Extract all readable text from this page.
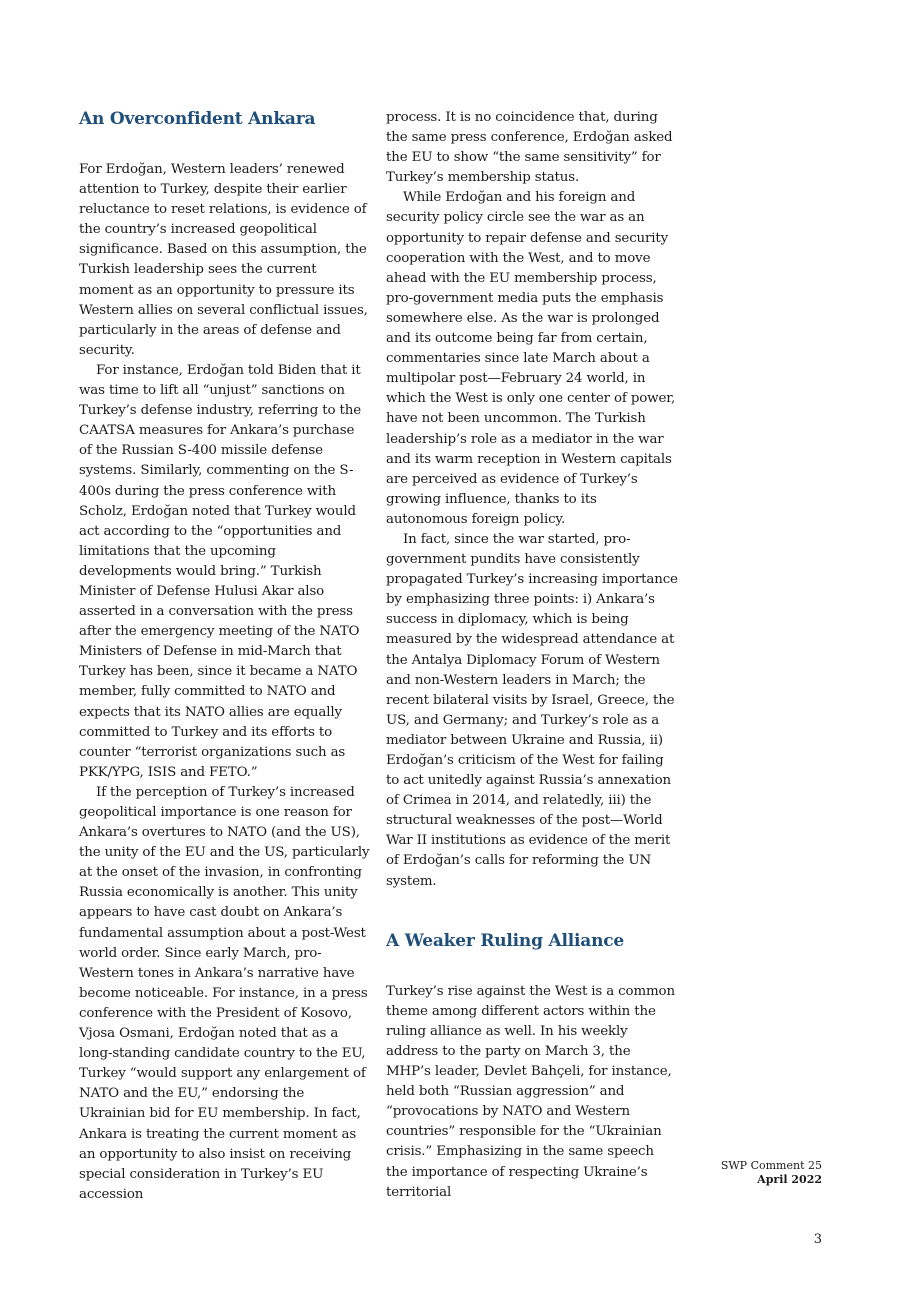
An Overconfident Ankara

For Erdoğan, Western leaders’ renewed attention to Turkey, despite their earlier reluctance to reset relations, is evidence of the country’s increased geopolitical significance. Based on this assumption, the Turkish leadership sees the current moment as an opportunity to pressure its Western allies on several conflictual issues, particularly in the areas of defense and security.

For instance, Erdoğan told Biden that it was time to lift all “unjust” sanctions on Turkey’s defense industry, referring to the CAATSA measures for Ankara’s purchase of the Russian S-400 missile defense systems. Similarly, commenting on the S-400s during the press conference with Scholz, Erdoğan noted that Turkey would act according to the “opportunities and limitations that the upcoming developments would bring.” Turkish Minister of Defense Hulusi Akar also asserted in a conversation with the press after the emergency meeting of the NATO Ministers of Defense in mid-March that Turkey has been, since it became a NATO member, fully committed to NATO and expects that its NATO allies are equally committed to Turkey and its efforts to counter “terrorist organizations such as PKK/YPG, ISIS and FETO.”

If the perception of Turkey’s increased geopolitical importance is one reason for Ankara’s overtures to NATO (and the US), the unity of the EU and the US, particularly at the onset of the invasion, in confronting Russia economically is another. This unity appears to have cast doubt on Ankara’s fundamental assumption about a post-West world order. Since early March, pro-Western tones in Ankara’s narrative have become noticeable. For instance, in a press conference with the President of Kosovo, Vjosa Osmani, Erdoğan noted that as a long-standing candidate country to the EU, Turkey “would support any enlargement of NATO and the EU,” endorsing the Ukrainian bid for EU membership. In fact, Ankara is treating the current moment as an opportunity to also insist on receiving special consideration in Turkey’s EU accession

process. It is no coincidence that, during the same press conference, Erdoğan asked the EU to show “the same sensitivity” for Turkey’s membership status.

While Erdoğan and his foreign and security policy circle see the war as an opportunity to repair defense and security cooperation with the West, and to move ahead with the EU membership process, pro-government media puts the emphasis somewhere else. As the war is prolonged and its outcome being far from certain, commentaries since late March about a multipolar post—February 24 world, in which the West is only one center of power, have not been uncommon. The Turkish leadership’s role as a mediator in the war and its warm reception in Western capitals are perceived as evidence of Turkey’s growing influence, thanks to its autonomous foreign policy.

In fact, since the war started, pro-government pundits have consistently propagated Turkey’s increasing importance by emphasizing three points: i) Ankara’s success in diplomacy, which is being measured by the widespread attendance at the Antalya Diplomacy Forum of Western and non-Western leaders in March; the recent bilateral visits by Israel, Greece, the US, and Germany; and Turkey’s role as a mediator between Ukraine and Russia, ii) Erdoğan’s criticism of the West for failing to act unitedly against Russia’s annexation of Crimea in 2014, and relatedly, iii) the structural weaknesses of the post—World War II institutions as evidence of the merit of Erdoğan’s calls for reforming the UN system.

A Weaker Ruling Alliance

Turkey’s rise against the West is a common theme among different actors within the ruling alliance as well. In his weekly address to the party on March 3, the MHP’s leader, Devlet Bahçeli, for instance, held both “Russian aggression” and “provocations by NATO and Western countries” responsible for the “Ukrainian crisis.” Emphasizing in the same speech the importance of respecting Ukraine’s territorial

SWP Comment 25
April 2022
3
